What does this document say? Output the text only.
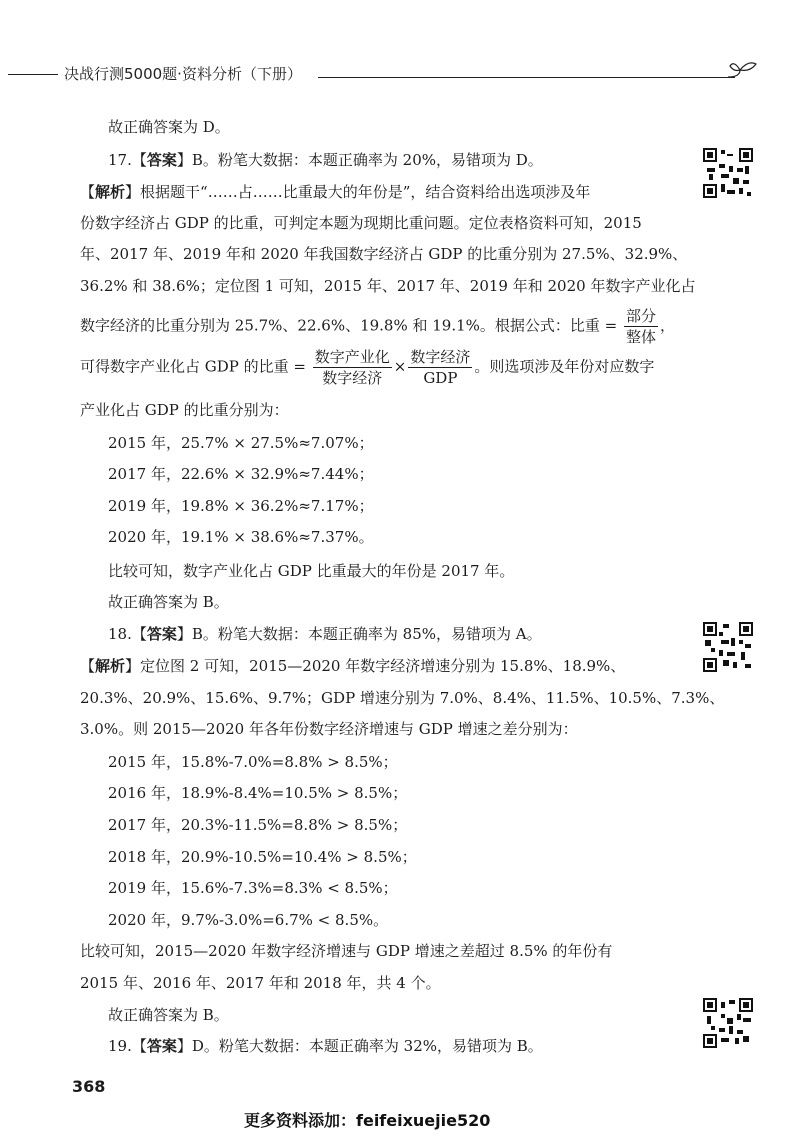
决战行测5000题·资料分析（下册）
故正确答案为 D。
17.【答案】B。粉笔大数据：本题正确率为 20%，易错项为 D。
【解析】根据题干“……占……比重最大的年份是”，结合资料给出选项涉及年
份数字经济占 GDP 的比重，可判定本题为现期比重问题。定位表格资料可知，2015
年、2017 年、2019 年和 2020 年我国数字经济占 GDP 的比重分别为 27.5%、32.9%、
36.2% 和 38.6%；定位图 1 可知，2015 年、2017 年、2019 年和 2020 年数字产业化占
数字经济的比重分别为 25.7%、22.6%、19.8% 和 19.1%。根据公式：比重 = $\frac{\text{部分}}{\text{整体}}$ ，
可得数字产业化占 GDP 的比重 = $\frac{\text{数字产业化}}{\text{数字经济}} \times \frac{\text{数字经济}}{\text{GDP}}$ 。则选项涉及年份对应数字
产业化占 GDP 的比重分别为：
2015 年，25.7% × 27.5%≈7.07%；
2017 年，22.6% × 32.9%≈7.44%；
2019 年，19.8% × 36.2%≈7.17%；
2020 年，19.1% × 38.6%≈7.37%。
比较可知，数字产业化占 GDP 比重最大的年份是 2017 年。
故正确答案为 B。
18.【答案】B。粉笔大数据：本题正确率为 85%，易错项为 A。
【解析】定位图 2 可知，2015—2020 年数字经济增速分别为 15.8%、18.9%、
20.3%、20.9%、15.6%、9.7%；GDP 增速分别为 7.0%、8.4%、11.5%、10.5%、7.3%、
3.0%。则 2015—2020 年各年份数字经济增速与 GDP 增速之差分别为：
2015 年，15.8%-7.0%=8.8% > 8.5%；
2016 年，18.9%-8.4%=10.5% > 8.5%；
2017 年，20.3%-11.5%=8.8% > 8.5%；
2018 年，20.9%-10.5%=10.4% > 8.5%；
2019 年，15.6%-7.3%=8.3% < 8.5%；
2020 年，9.7%-3.0%=6.7% < 8.5%。
比较可知，2015—2020 年数字经济增速与 GDP 增速之差超过 8.5% 的年份有
2015 年、2016 年、2017 年和 2018 年，共 4 个。
故正确答案为 B。
19.【答案】D。粉笔大数据：本题正确率为 32%，易错项为 B。
368
更多资料添加：feifeixuejie520
